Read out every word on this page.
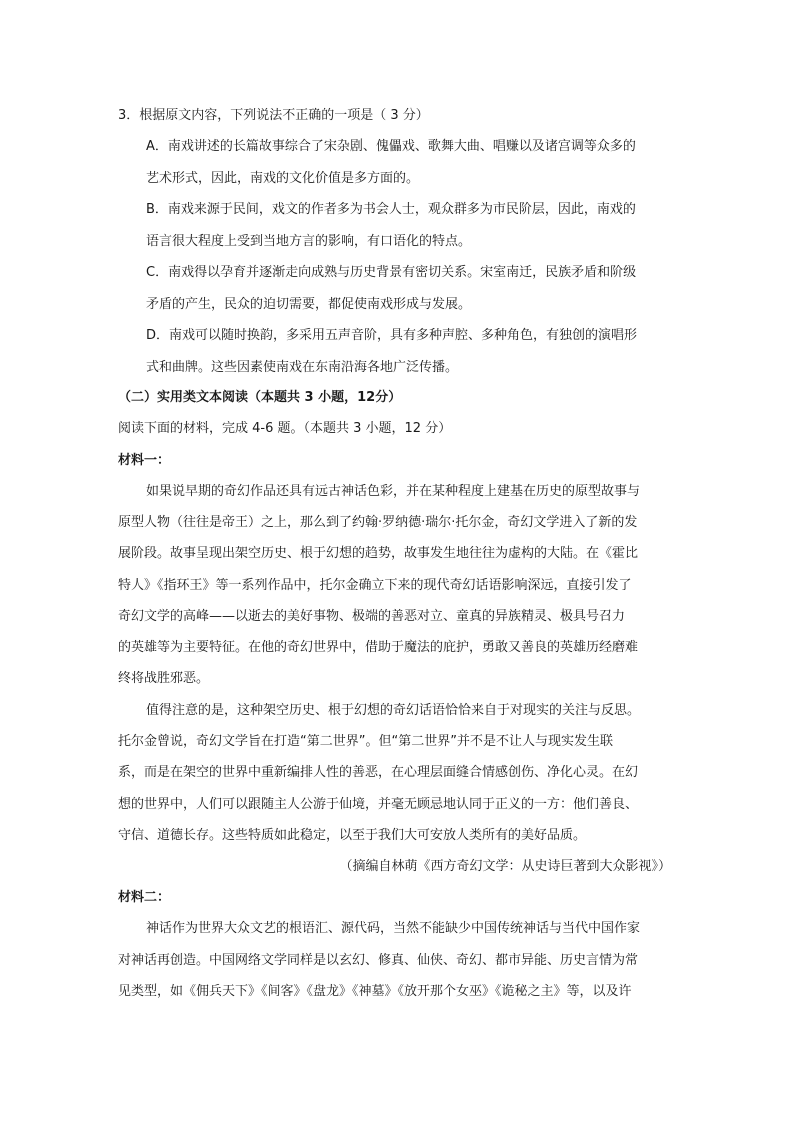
3．根据原文内容，下列说法不正确的一项是（ 3 分）
A．南戏讲述的长篇故事综合了宋杂剧、傀儡戏、歌舞大曲、唱赚以及诸宫调等众多的
艺术形式，因此，南戏的文化价值是多方面的。
B．南戏来源于民间，戏文的作者多为书会人士，观众群多为市民阶层，因此，南戏的
语言很大程度上受到当地方言的影响，有口语化的特点。
C．南戏得以孕育并逐渐走向成熟与历史背景有密切关系。宋室南迁，民族矛盾和阶级
矛盾的产生，民众的迫切需要，都促使南戏形成与发展。
D．南戏可以随时换韵，多采用五声音阶，具有多种声腔、多种角色，有独创的演唱形
式和曲牌。这些因素使南戏在东南沿海各地广泛传播。
（二）实用类文本阅读（本题共 3 小题，12分）
阅读下面的材料，完成 4-6 题。（本题共 3 小题，12 分）
材料一：
如果说早期的奇幻作品还具有远古神话色彩，并在某种程度上建基在历史的原型故事与
原型人物（往往是帝王）之上，那么到了约翰·罗纳德·瑞尔·托尔金，奇幻文学进入了新的发
展阶段。故事呈现出架空历史、根于幻想的趋势，故事发生地往往为虚构的大陆。在《霍比
特人》《指环王》等一系列作品中，托尔金确立下来的现代奇幻话语影响深远，直接引发了
奇幻文学的高峰——以逝去的美好事物、极端的善恶对立、童真的异族精灵、极具号召力
的英雄等为主要特征。在他的奇幻世界中，借助于魔法的庇护，勇敢又善良的英雄历经磨难
终将战胜邪恶。
值得注意的是，这种架空历史、根于幻想的奇幻话语恰恰来自于对现实的关注与反思。
托尔金曾说，奇幻文学旨在打造“第二世界”。但“第二世界”并不是不让人与现实发生联
系，而是在架空的世界中重新编排人性的善恶，在心理层面缝合情感创伤、净化心灵。在幻
想的世界中，人们可以跟随主人公游于仙境，并毫无顾忌地认同于正义的一方：他们善良、
守信、道德长存。这些特质如此稳定，以至于我们大可安放人类所有的美好品质。
（摘编自林萌《西方奇幻文学：从史诗巨著到大众影视》）
材料二：
神话作为世界大众文艺的根语汇、源代码，当然不能缺少中国传统神话与当代中国作家
对神话再创造。中国网络文学同样是以玄幻、修真、仙侠、奇幻、都市异能、历史言情为常
见类型，如《佣兵天下》《间客》《盘龙》《神墓》《放开那个女巫》《诡秘之主》等，以及许
